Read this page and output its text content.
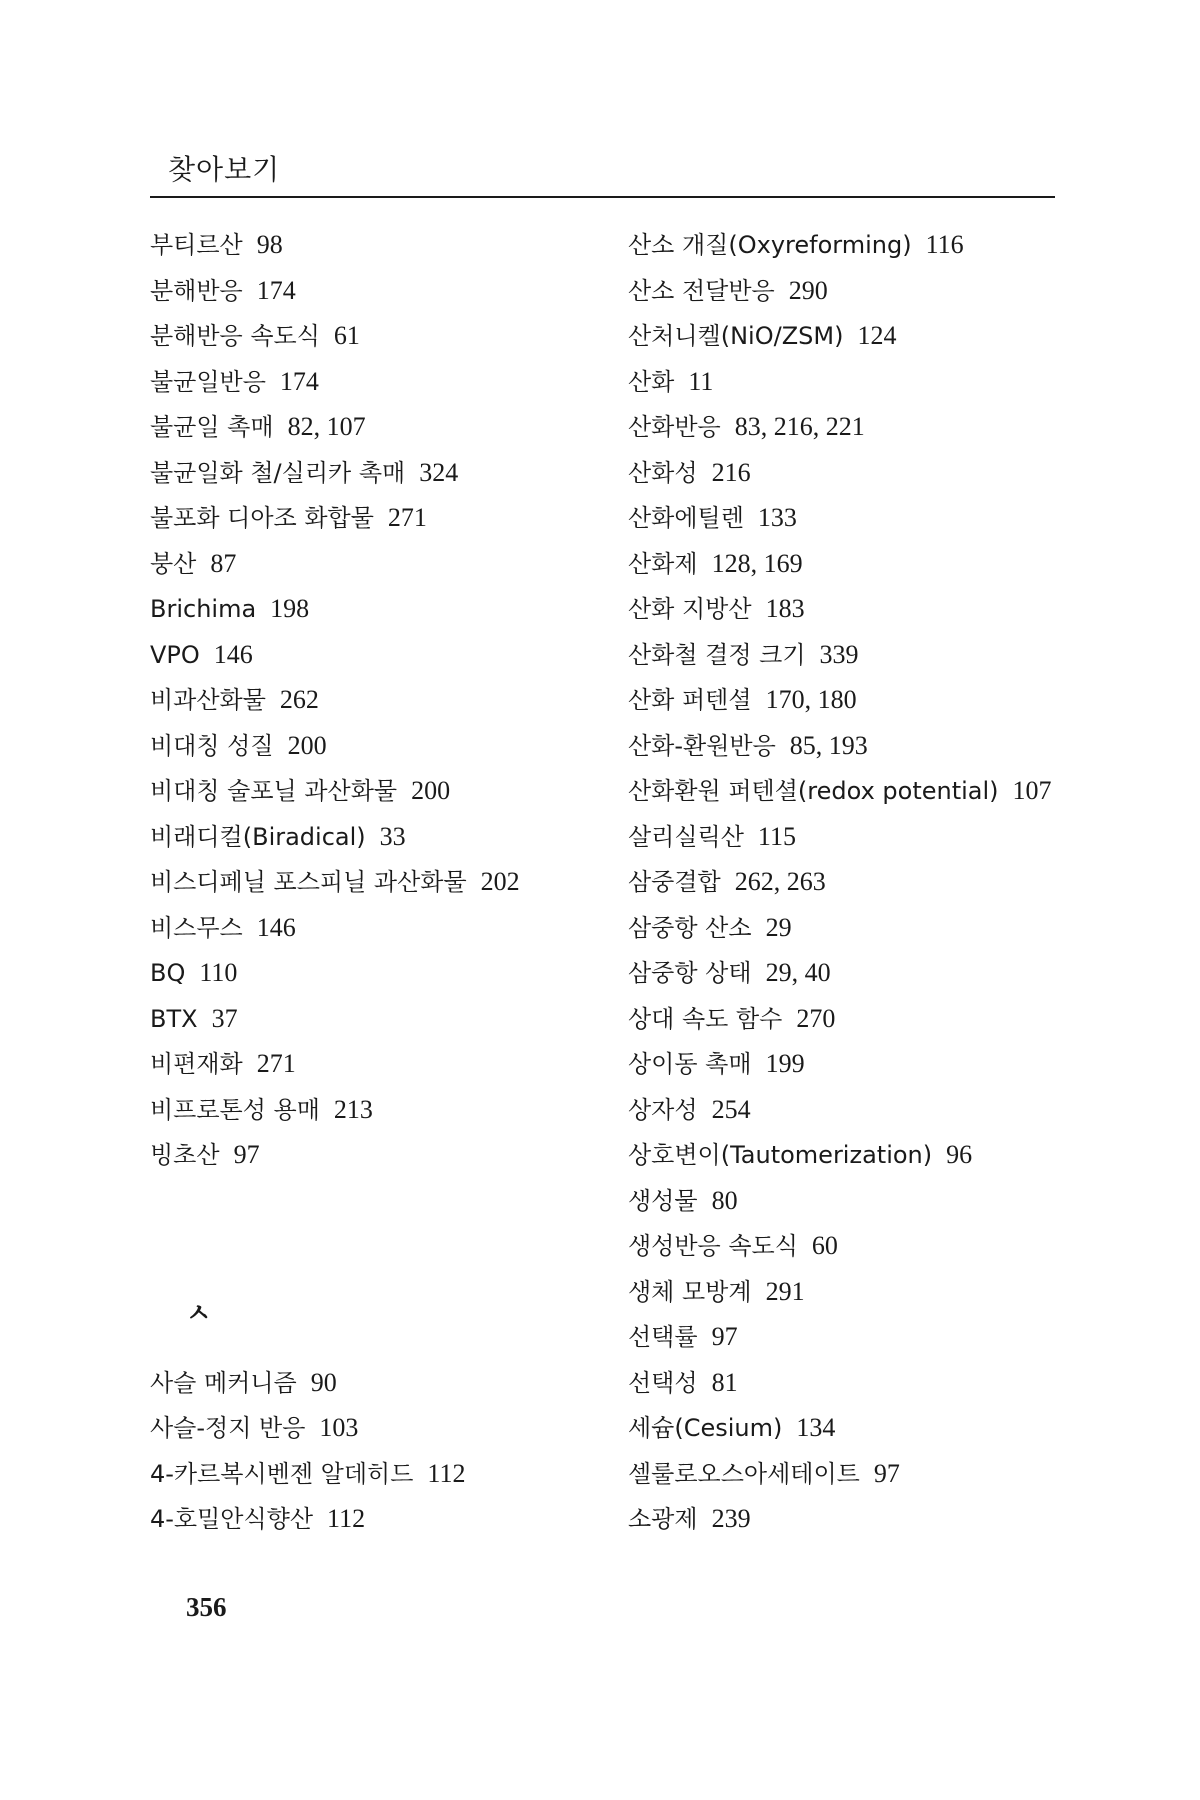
찾아보기
부티르산 98
분해반응 174
분해반응 속도식 61
불균일반응 174
불균일 촉매 82, 107
불균일화 철/실리카 촉매 324
불포화 디아조 화합물 271
붕산 87
Brichima 198
VPO 146
비과산화물 262
비대칭 성질 200
비대칭 술포닐 과산화물 200
비래디컬(Biradical) 33
비스디페닐 포스피닐 과산화물 202
비스무스 146
BQ 110
BTX 37
비편재화 271
비프로톤성 용매 213
빙초산 97
ㅅ
사슬 메커니즘 90
사슬-정지 반응 103
4-카르복시벤젠 알데히드 112
4-호밀안식향산 112
산소 개질(Oxyreforming) 116
산소 전달반응 290
산처니켈(NiO/ZSM) 124
산화 11
산화반응 83, 216, 221
산화성 216
산화에틸렌 133
산화제 128, 169
산화 지방산 183
산화철 결정 크기 339
산화 퍼텐셜 170, 180
산화-환원반응 85, 193
산화환원 퍼텐셜(redox potential) 107
살리실릭산 115
삼중결합 262, 263
삼중항 산소 29
삼중항 상태 29, 40
상대 속도 함수 270
상이동 촉매 199
상자성 254
상호변이(Tautomerization) 96
생성물 80
생성반응 속도식 60
생체 모방계 291
선택률 97
선택성 81
세슘(Cesium) 134
셀룰로오스아세테이트 97
소광제 239
356
